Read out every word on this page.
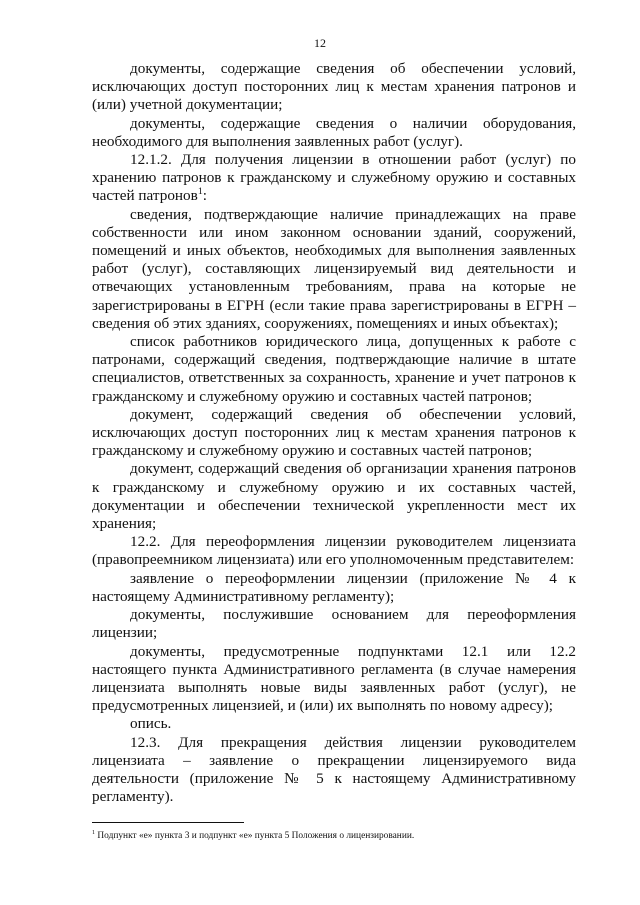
12

документы, содержащие сведения об обеспечении условий, исключающих доступ посторонних лиц к местам хранения патронов и (или) учетной документации;

документы, содержащие сведения о наличии оборудования, необходимого для выполнения заявленных работ (услуг).

12.1.2. Для получения лицензии в отношении работ (услуг) по хранению патронов к гражданскому и служебному оружию и составных частей патронов$^1$:

сведения, подтверждающие наличие принадлежащих на праве собственности или ином законном основании зданий, сооружений, помещений и иных объектов, необходимых для выполнения заявленных работ (услуг), составляющих лицензируемый вид деятельности и отвечающих установленным требованиям, права на которые не зарегистрированы в ЕГРН (если такие права зарегистрированы в ЕГРН – сведения об этих зданиях, сооружениях, помещениях и иных объектах);

список работников юридического лица, допущенных к работе с патронами, содержащий сведения, подтверждающие наличие в штате специалистов, ответственных за сохранность, хранение и учет патронов к гражданскому и служебному оружию и составных частей патронов;

документ, содержащий сведения об обеспечении условий, исключающих доступ посторонних лиц к местам хранения патронов к гражданскому и служебному оружию и составных частей патронов;

документ, содержащий сведения об организации хранения патронов к гражданскому и служебному оружию и их составных частей, документации и обеспечении технической укрепленности мест их хранения;

12.2. Для переоформления лицензии руководителем лицензиата (правопреемником лицензиата) или его уполномоченным представителем:

заявление о переоформлении лицензии (приложение № 4 к настоящему Административному регламенту);

документы, послужившие основанием для переоформления лицензии;

документы, предусмотренные подпунктами 12.1 или 12.2 настоящего пункта Административного регламента (в случае намерения лицензиата выполнять новые виды заявленных работ (услуг), не предусмотренных лицензией, и (или) их выполнять по новому адресу);

опись.

12.3. Для прекращения действия лицензии руководителем лицензиата – заявление о прекращении лицензируемого вида деятельности (приложение № 5 к настоящему Административному регламенту).

$^1$ Подпункт «е» пункта 3 и подпункт «е» пункта 5 Положения о лицензировании.
